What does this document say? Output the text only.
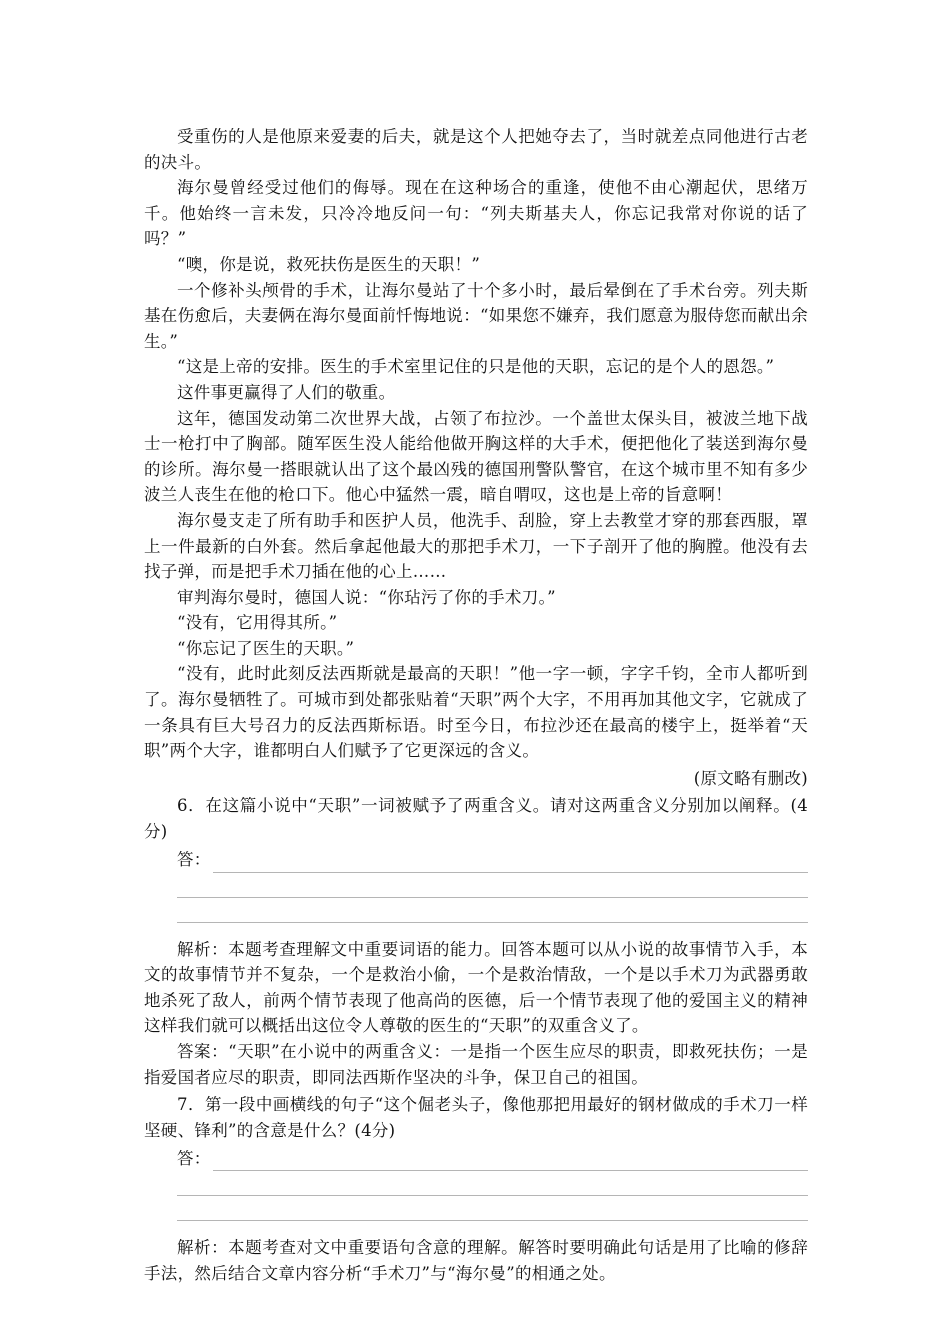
受重伤的人是他原来爱妻的后夫，就是这个人把她夺去了，当时就差点同他进行古老的决斗。

海尔曼曾经受过他们的侮辱。现在在这种场合的重逢，使他不由心潮起伏，思绪万千。他始终一言未发，只冷冷地反问一句：“列夫斯基夫人，你忘记我常对你说的话了吗？”

“噢，你是说，救死扶伤是医生的天职！”

一个修补头颅骨的手术，让海尔曼站了十个多小时，最后晕倒在了手术台旁。列夫斯基在伤愈后，夫妻俩在海尔曼面前忏悔地说：“如果您不嫌弃，我们愿意为服侍您而献出余生。”

“这是上帝的安排。医生的手术室里记住的只是他的天职，忘记的是个人的恩怨。”

这件事更赢得了人们的敬重。

这年，德国发动第二次世界大战，占领了布拉沙。一个盖世太保头目，被波兰地下战士一枪打中了胸部。随军医生没人能给他做开胸这样的大手术，便把他化了装送到海尔曼的诊所。海尔曼一搭眼就认出了这个最凶残的德国刑警队警官，在这个城市里不知有多少波兰人丧生在他的枪口下。他心中猛然一震，暗自喟叹，这也是上帝的旨意啊！

海尔曼支走了所有助手和医护人员，他洗手、刮脸，穿上去教堂才穿的那套西服，罩上一件最新的白外套。然后拿起他最大的那把手术刀，一下子剖开了他的胸膛。他没有去找子弹，而是把手术刀插在他的心上……

审判海尔曼时，德国人说：“你玷污了你的手术刀。”

“没有，它用得其所。”

“你忘记了医生的天职。”

“没有，此时此刻反法西斯就是最高的天职！”他一字一顿，字字千钧，全市人都听到了。海尔曼牺牲了。可城市到处都张贴着“天职”两个大字，不用再加其他文字，它就成了一条具有巨大号召力的反法西斯标语。时至今日，布拉沙还在最高的楼宇上，挺举着“天职”两个大字，谁都明白人们赋予了它更深远的含义。

(原文略有删改)

6．在这篇小说中“天职”一词被赋予了两重含义。请对这两重含义分别加以阐释。(4分)

答：

解析：本题考查理解文中重要词语的能力。回答本题可以从小说的故事情节入手，本文的故事情节并不复杂，一个是救治小偷，一个是救治情敌，一个是以手术刀为武器勇敢地杀死了敌人，前两个情节表现了他高尚的医德，后一个情节表现了他的爱国主义的精神这样我们就可以概括出这位令人尊敬的医生的“天职”的双重含义了。

答案：“天职”在小说中的两重含义：一是指一个医生应尽的职责，即救死扶伤；一是指爱国者应尽的职责，即同法西斯作坚决的斗争，保卫自己的祖国。

7．第一段中画横线的句子“这个倔老头子，像他那把用最好的钢材做成的手术刀一样坚硬、锋利”的含意是什么？(4分)

答：

解析：本题考查对文中重要语句含意的理解。解答时要明确此句话是用了比喻的修辞手法，然后结合文章内容分析“手术刀”与“海尔曼”的相通之处。
